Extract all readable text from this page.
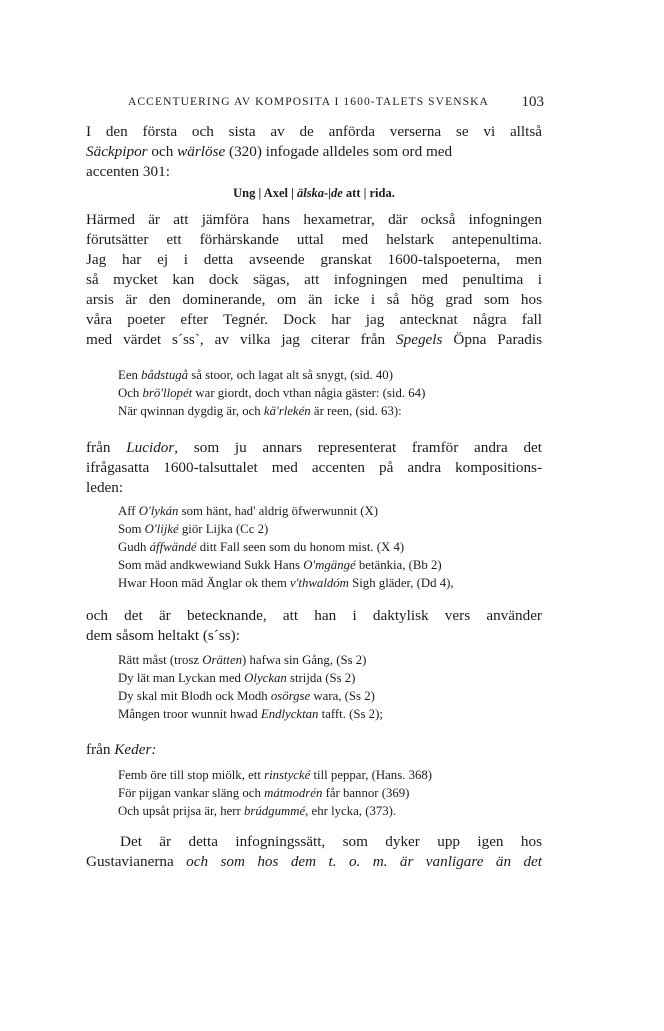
ACCENTUERING AV KOMPOSITA I 1600-TALETS SVENSKA 103
I den första och sista av de anförda verserna se vi alltså
Säckpipor och wärlöse (320) infogade alldeles som ord med
accenten 301:
Ung | Axel | älska-|de att | rida.
Härmed är att jämföra hans hexametrar, där också infogningen
förutsätter ett förhärskande uttal med helstark antepenultima.
Jag har ej i detta avseende granskat 1600-talspoeterna, men
så mycket kan dock sägas, att infogningen med penultima i
arsis är den dominerande, om än icke i så hög grad som hos
våra poeter efter Tegnér. Dock har jag antecknat några fall
med värdet s´ss`, av vilka jag citerar från Spegels Öpna Paradis
Een bådstugå så stoor, och lagat alt så snygt, (sid. 40)
Och brö'llopét war giordt, doch vthan någia gäster: (sid. 64)
När qwinnan dygdig är, och kä'rlekén är reen, (sid. 63):
från Lucidor, som ju annars representerat framför andra det
ifrågasatta 1600-talsuttalet med accenten på andra kompositions-
leden:
Aff O'lykán som hänt, had' aldrig öfwerwunnit (X)
Som O'lijké giör Lijka (Cc 2)
Gudh áffwändé ditt Fall seen som du honom mist. (X 4)
Som mäd andkwewiand Sukk Hans O'mgängé betänkia, (Bb 2)
Hwar Hoon mäd Änglar ok them v'thwaldóm Sigh gläder, (Dd 4),
och det är betecknande, att han i daktylisk vers använder
dem såsom heltakt (s´ss):
Rätt måst (trosz Orätten) hafwa sin Gång, (Ss 2)
Dy lät man Lyckan med Olyckan strijda (Ss 2)
Dy skal mit Blodh ock Modh osörgse wara, (Ss 2)
Mången troor wunnit hwad Endlycktan tafft. (Ss 2);
från Keder:
Femb öre till stop miölk, ett rinstycké till peppar, (Hans. 368)
För pijgan vankar släng och mátmodrén får bannor (369)
Och upsåt prijsa är, herr brúdgummé, ehr lycka, (373).
Det är detta infogningssätt, som dyker upp igen hos
Gustavianerna och som hos dem t. o. m. är vanligare än det
